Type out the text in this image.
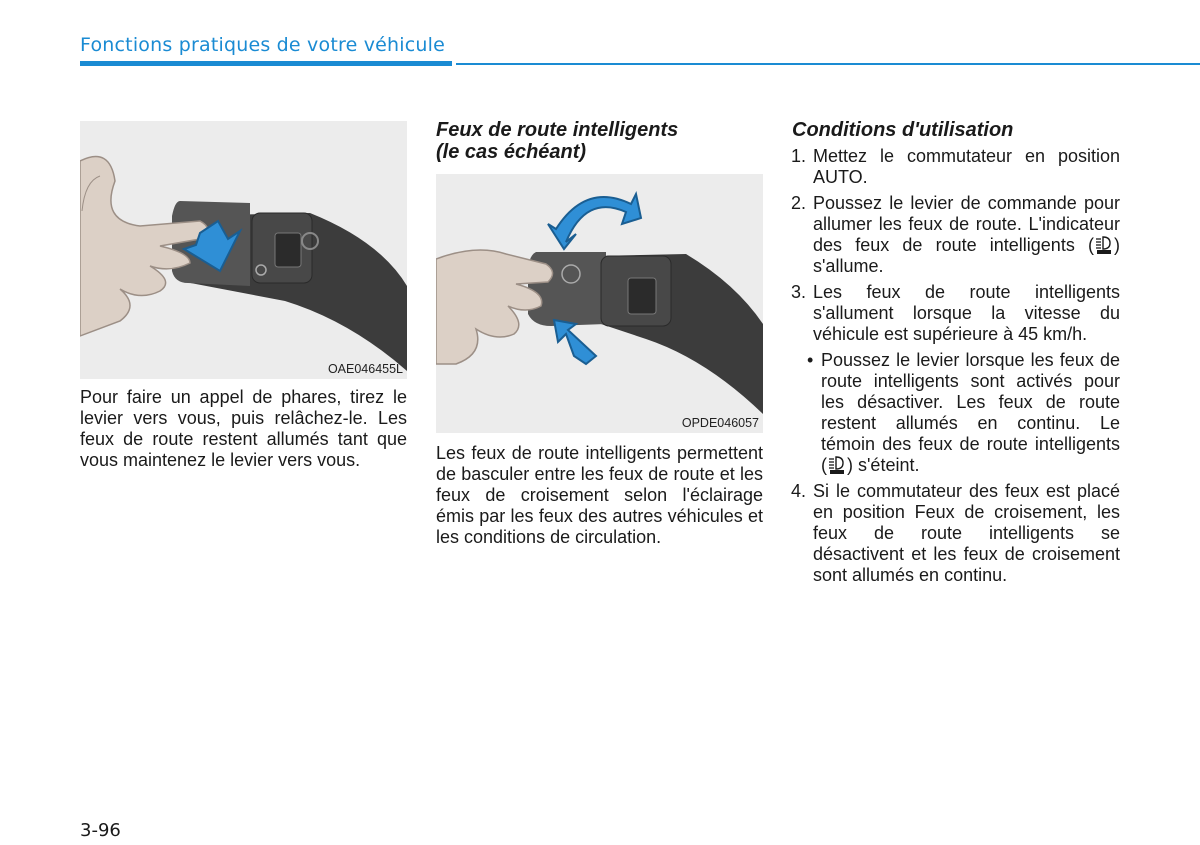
Fonctions pratiques de votre véhicule
OAE046455L
Pour faire un appel de phares, tirez le levier vers vous, puis relâchez-le. Les feux de route restent allumés tant que vous maintenez le levier vers vous.
Feux de route intelligents
(le cas échéant)
OPDE046057
Les feux de route intelligents permettent de basculer entre les feux de route et les feux de croisement selon l'éclairage émis par les feux des autres véhicules et les conditions de circulation.
Conditions d'utilisation
1. Mettez le commutateur en position AUTO.
2. Poussez le levier de commande pour allumer les feux de route. L'indicateur des feux de route intelligents ( ) s'allume.
3. Les feux de route intelligents s'allument lorsque la vitesse du véhicule est supérieure à 45 km/h.
• Poussez le levier lorsque les feux de route intelligents sont activés pour les désactiver. Les feux de route restent allumés en continu. Le témoin des feux de route intelligents ( ) s'éteint.
4. Si le commutateur des feux est placé en position Feux de croisement, les feux de route intelligents se désactivent et les feux de croisement sont allumés en continu.
3-96
